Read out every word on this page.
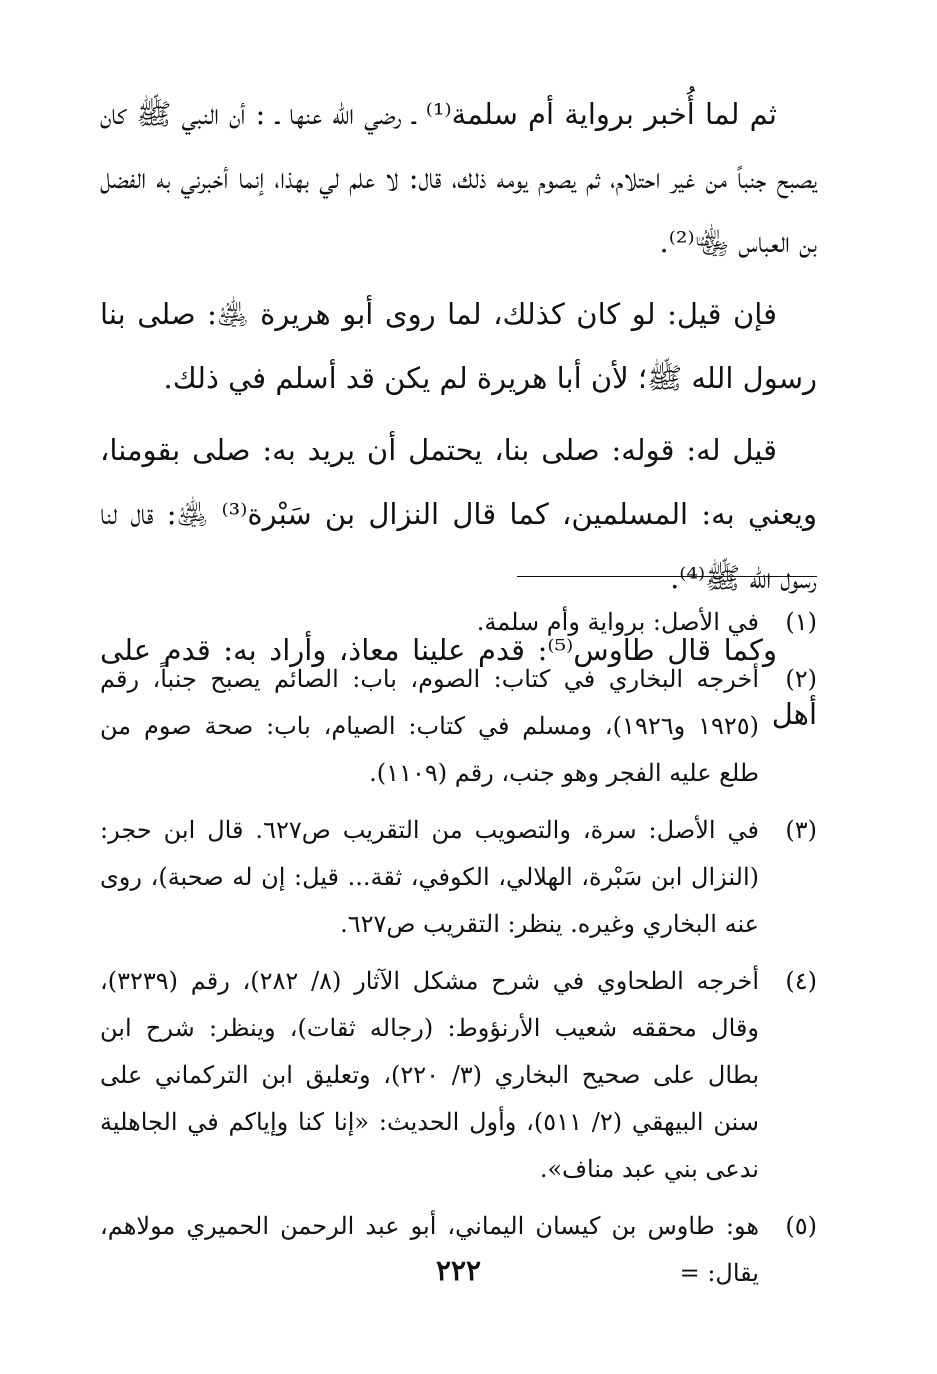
ثم لما أُخبر برواية أم سلمة⁽¹⁾ ـ رضي الله عنها ـ : أن النبي ﷺ كان يصبح جنباً من غير احتلام، ثم يصوم يومه ذلك، قال: لا علم لي بهذا، إنما أخبرني به الفضل بن العباس ﵄⁽²⁾.

فإن قيل: لو كان كذلك، لما روى أبو هريرة ﵁: صلى بنا رسول الله ﷺ؛ لأن أبا هريرة لم يكن قد أسلم في ذلك.

قيل له: قوله: صلى بنا، يحتمل أن يريد به: صلى بقومنا، ويعني به: المسلمين، كما قال النزال بن سَبْرة⁽³⁾ ﵁: قال لنا رسول الله ﷺ⁽⁴⁾.

وكما قال طاوس⁽⁵⁾: قدم علينا معاذ، وأراد به: قدم على أهل

(١)
في الأصل: برواية وأم سلمة.
(٢)
أخرجه البخاري في كتاب: الصوم، باب: الصائم يصبح جنباً، رقم (١٩٢٥ و١٩٢٦)، ومسلم في كتاب: الصيام، باب: صحة صوم من طلع عليه الفجر وهو جنب، رقم (١١٠٩).
(٣)
في الأصل: سرة، والتصويب من التقريب ص٦٢٧. قال ابن حجر: (النزال ابن سَبْرة، الهلالي، الكوفي، ثقة... قيل: إن له صحبة)، روى عنه البخاري وغيره. ينظر: التقريب ص٦٢٧.
(٤)
أخرجه الطحاوي في شرح مشكل الآثار (٨/ ٢٨٢)، رقم (٣٢٣٩)، وقال محققه شعيب الأرنؤوط: (رجاله ثقات)، وينظر: شرح ابن بطال على صحيح البخاري (٣/ ٢٢٠)، وتعليق ابن التركماني على سنن البيهقي (٢/ ٥١١)، وأول الحديث: «إنا كنا وإياكم في الجاهلية ندعى بني عبد مناف».
(٥)
هو: طاوس بن كيسان اليماني، أبو عبد الرحمن الحميري مولاهم، يقال: =
٢٢٢
